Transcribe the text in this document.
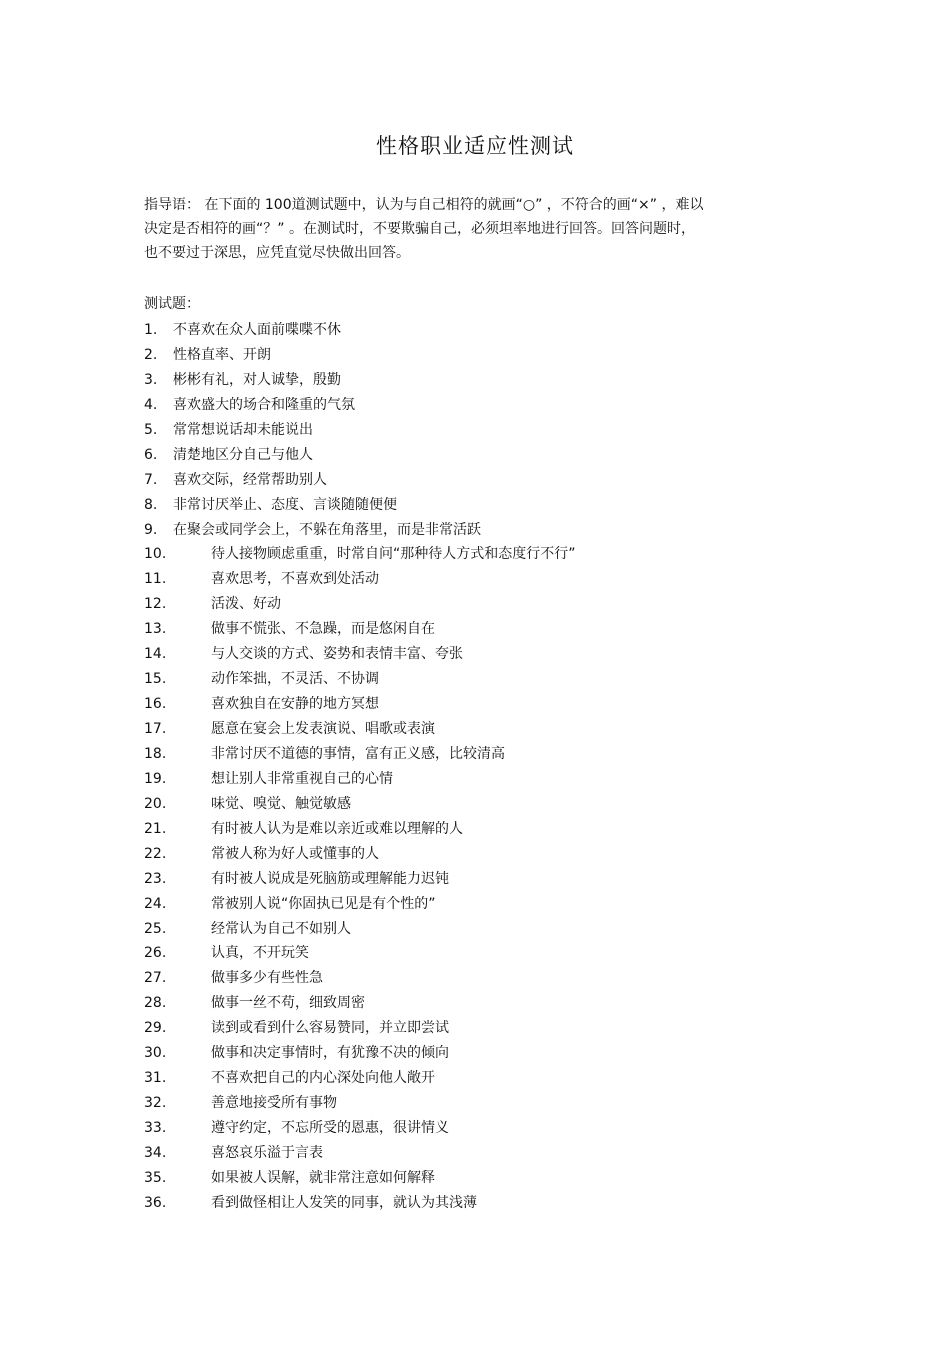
性格职业适应性测试
指导语： 在下面的 100道测试题中，认为与自己相符的就画“○” ，不符合的画“×” ，难以
决定是否相符的画“？” 。在测试时，不要欺骗自己，必须坦率地进行回答。回答问题时，
也不要过于深思，应凭直觉尽快做出回答。
测试题：
1. 不喜欢在众人面前喋喋不休
2. 性格直率、开朗
3. 彬彬有礼，对人诚挚，殷勤
4. 喜欢盛大的场合和隆重的气氛
5. 常常想说话却未能说出
6. 清楚地区分自己与他人
7. 喜欢交际，经常帮助别人
8. 非常讨厌举止、态度、言谈随随便便
9. 在聚会或同学会上，不躲在角落里，而是非常活跃
10.	待人接物顾虑重重，时常自问“那种待人方式和态度行不行”
11.	喜欢思考，不喜欢到处活动
12.	活泼、好动
13.	做事不慌张、不急躁，而是悠闲自在
14.	与人交谈的方式、姿势和表情丰富、夸张
15.	动作笨拙，不灵活、不协调
16.	喜欢独自在安静的地方冥想
17.	愿意在宴会上发表演说、唱歌或表演
18.	非常讨厌不道德的事情，富有正义感，比较清高
19.	想让别人非常重视自己的心情
20.	味觉、嗅觉、触觉敏感
21.	有时被人认为是难以亲近或难以理解的人
22.	常被人称为好人或懂事的人
23.	有时被人说成是死脑筋或理解能力迟钝
24.	常被别人说“你固执已见是有个性的”
25.	经常认为自己不如别人
26.	认真，不开玩笑
27.	做事多少有些性急
28.	做事一丝不苟，细致周密
29.	读到或看到什么容易赞同，并立即尝试
30.	做事和决定事情时，有犹豫不决的倾向
31.	不喜欢把自己的内心深处向他人敞开
32.	善意地接受所有事物
33.	遵守约定，不忘所受的恩惠，很讲情义
34.	喜怒哀乐溢于言表
35.	如果被人误解，就非常注意如何解释
36.	看到做怪相让人发笑的同事，就认为其浅薄
